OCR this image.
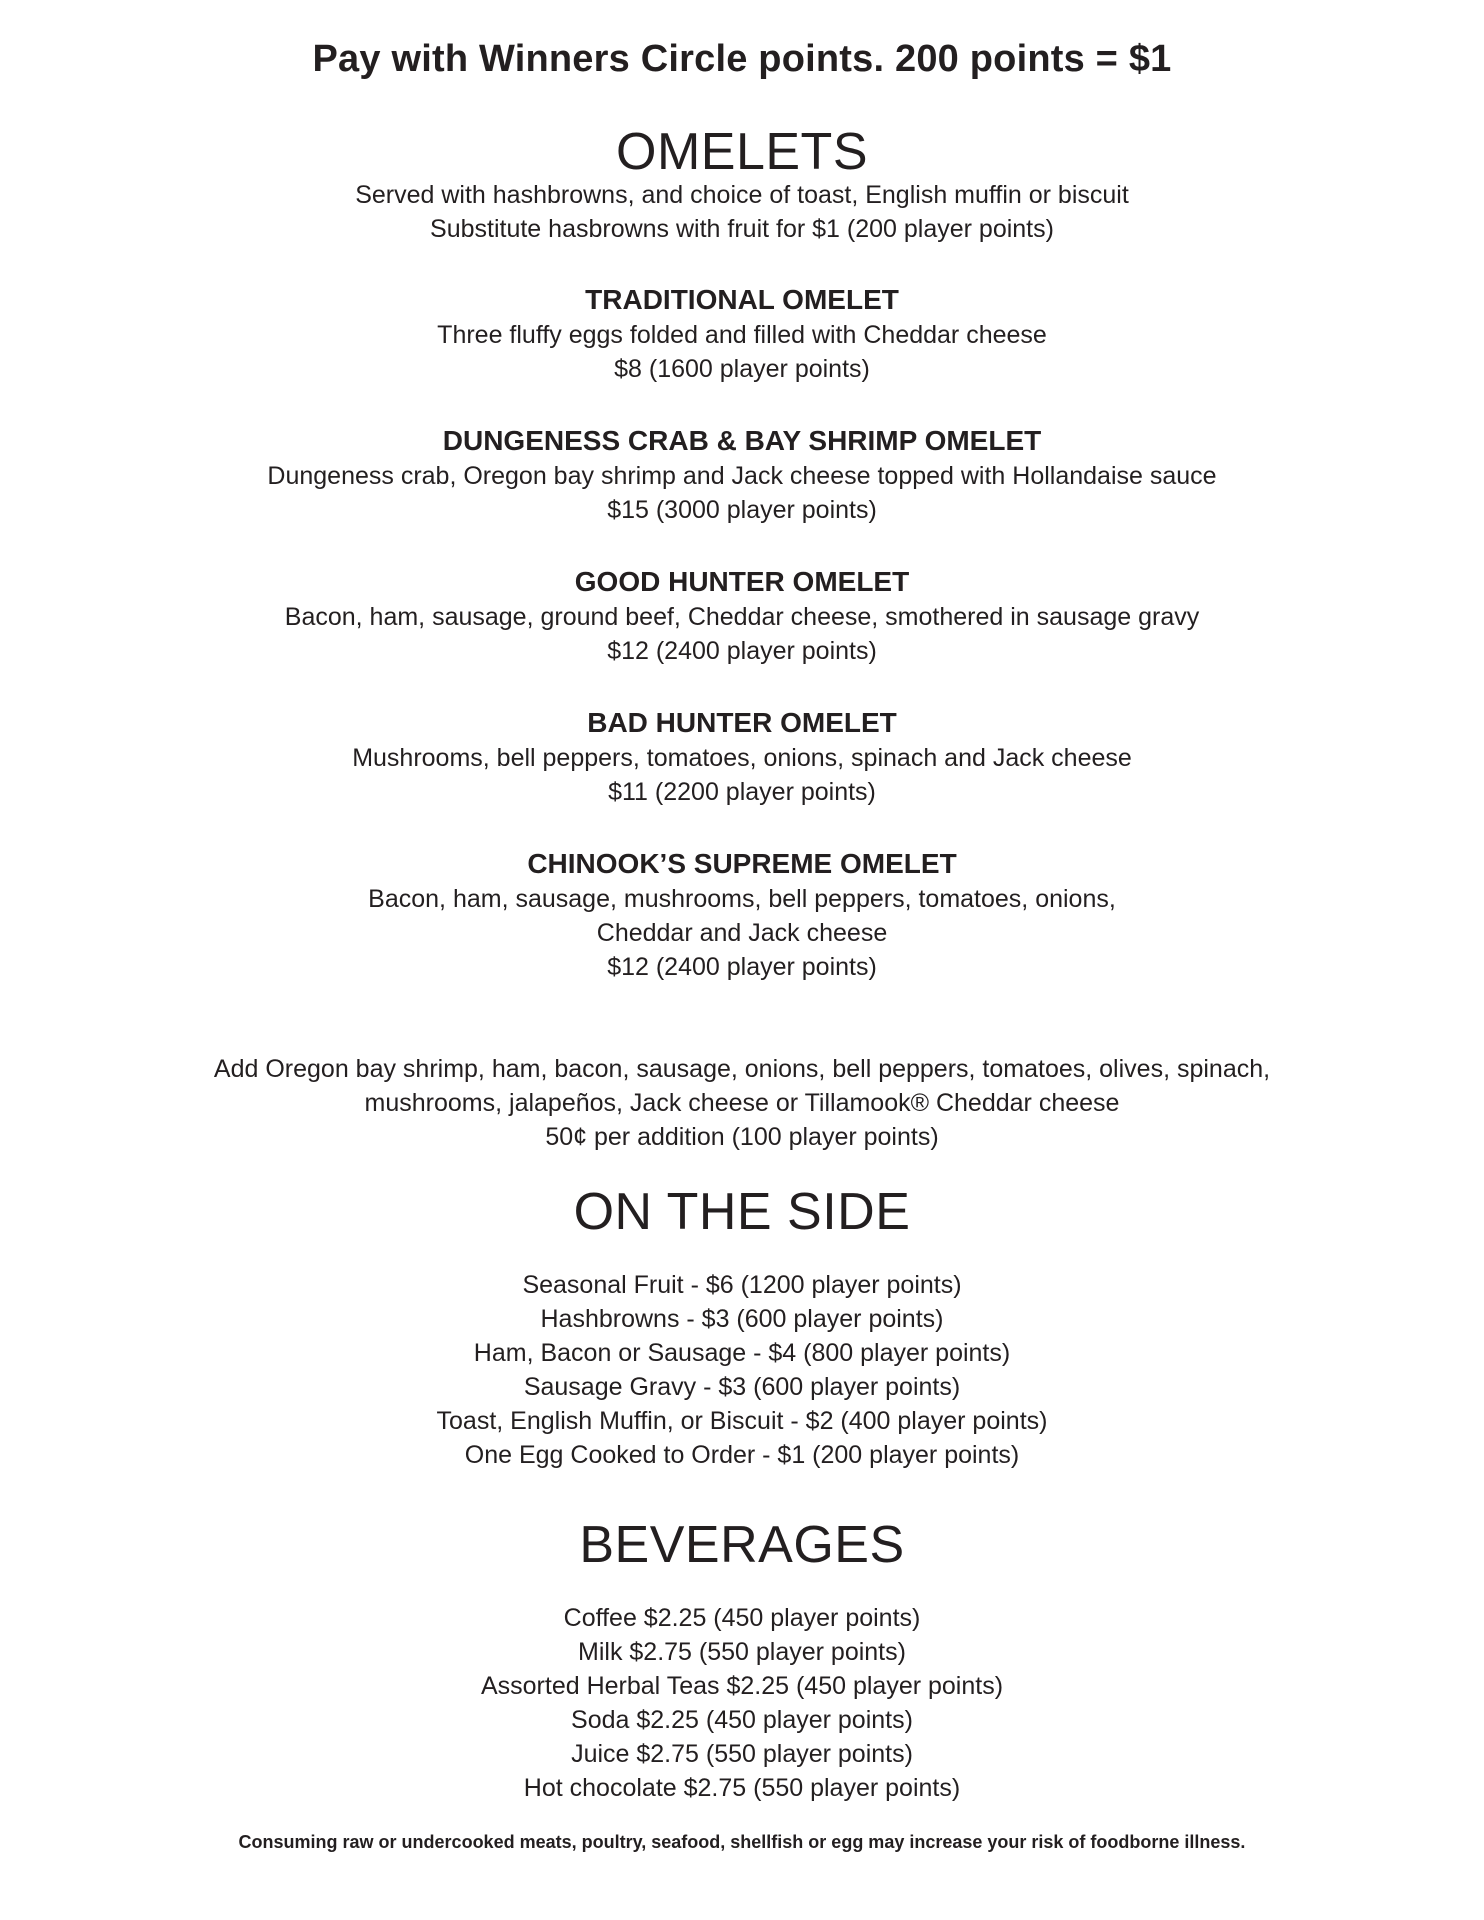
Pay with Winners Circle points. 200 points = $1
OMELETS
Served with hashbrowns, and choice of toast, English muffin or biscuit
Substitute hasbrowns with fruit for $1 (200 player points)
TRADITIONAL OMELET
Three fluffy eggs folded and filled with Cheddar cheese
$8 (1600 player points)
DUNGENESS CRAB & BAY SHRIMP OMELET
Dungeness crab, Oregon bay shrimp and Jack cheese topped with Hollandaise sauce
$15 (3000 player points)
GOOD HUNTER OMELET
Bacon, ham, sausage, ground beef, Cheddar cheese, smothered in sausage gravy
$12 (2400 player points)
BAD HUNTER OMELET
Mushrooms, bell peppers, tomatoes, onions, spinach and Jack cheese
$11 (2200 player points)
CHINOOK’S SUPREME OMELET
Bacon, ham, sausage, mushrooms, bell peppers, tomatoes, onions,
Cheddar and Jack cheese
$12 (2400 player points)
Add Oregon bay shrimp, ham, bacon, sausage, onions, bell peppers, tomatoes, olives, spinach,
mushrooms, jalapeños, Jack cheese or Tillamook® Cheddar cheese
50¢ per addition (100 player points)
ON THE SIDE
Seasonal Fruit - $6 (1200 player points)
Hashbrowns - $3 (600 player points)
Ham, Bacon or Sausage - $4 (800 player points)
Sausage Gravy - $3 (600 player points)
Toast, English Muffin, or Biscuit - $2 (400 player points)
One Egg Cooked to Order - $1 (200 player points)
BEVERAGES
Coffee $2.25 (450 player points)
Milk $2.75 (550 player points)
Assorted Herbal Teas $2.25 (450 player points)
Soda $2.25 (450 player points)
Juice $2.75 (550 player points)
Hot chocolate $2.75 (550 player points)
Consuming raw or undercooked meats, poultry, seafood, shellfish or egg may increase your risk of foodborne illness.
